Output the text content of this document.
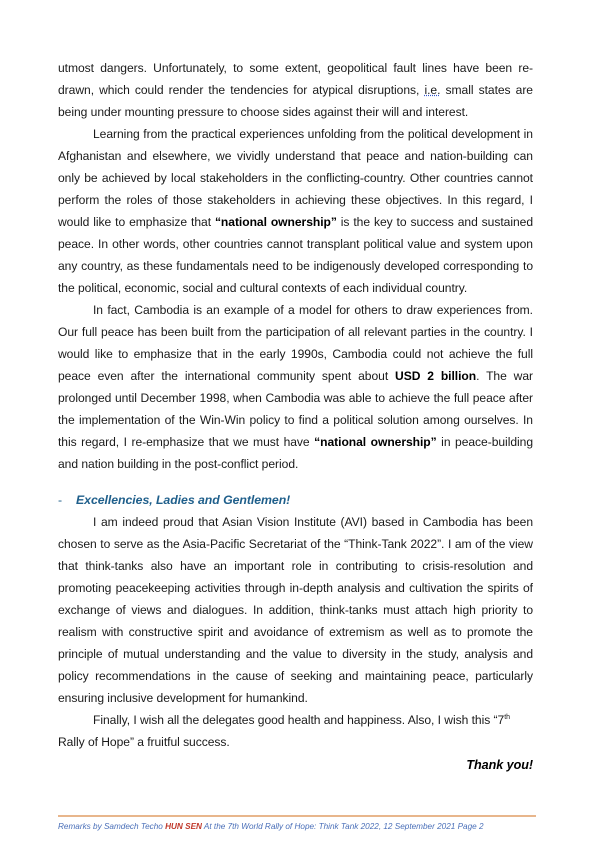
utmost dangers. Unfortunately, to some extent, geopolitical fault lines have been re-drawn, which could render the tendencies for atypical disruptions, i.e. small states are being under mounting pressure to choose sides against their will and interest.

Learning from the practical experiences unfolding from the political development in Afghanistan and elsewhere, we vividly understand that peace and nation-building can only be achieved by local stakeholders in the conflicting-country. Other countries cannot perform the roles of those stakeholders in achieving these objectives. In this regard, I would like to emphasize that “national ownership” is the key to success and sustained peace. In other words, other countries cannot transplant political value and system upon any country, as these fundamentals need to be indigenously developed corresponding to the political, economic, social and cultural contexts of each individual country.

In fact, Cambodia is an example of a model for others to draw experiences from. Our full peace has been built from the participation of all relevant parties in the country. I would like to emphasize that in the early 1990s, Cambodia could not achieve the full peace even after the international community spent about USD 2 billion. The war prolonged until December 1998, when Cambodia was able to achieve the full peace after the implementation of the Win-Win policy to find a political solution among ourselves. In this regard, I re-emphasize that we must have “national ownership” in peace-building and nation building in the post-conflict period.

- Excellencies, Ladies and Gentlemen!

I am indeed proud that Asian Vision Institute (AVI) based in Cambodia has been chosen to serve as the Asia-Pacific Secretariat of the “Think-Tank 2022”. I am of the view that think-tanks also have an important role in contributing to crisis-resolution and promoting peacekeeping activities through in-depth analysis and cultivation the spirits of exchange of views and dialogues. In addition, think-tanks must attach high priority to realism with constructive spirit and avoidance of extremism as well as to promote the principle of mutual understanding and the value to diversity in the study, analysis and policy recommendations in the cause of seeking and maintaining peace, particularly ensuring inclusive development for humankind.

Finally, I wish all the delegates good health and happiness. Also, I wish this “7th
Rally of Hope” a fruitful success.

Thank you!

Remarks by Samdech Techo HUN SEN At the 7th World Rally of Hope: Think Tank 2022, 12 September 2021 Page 2
